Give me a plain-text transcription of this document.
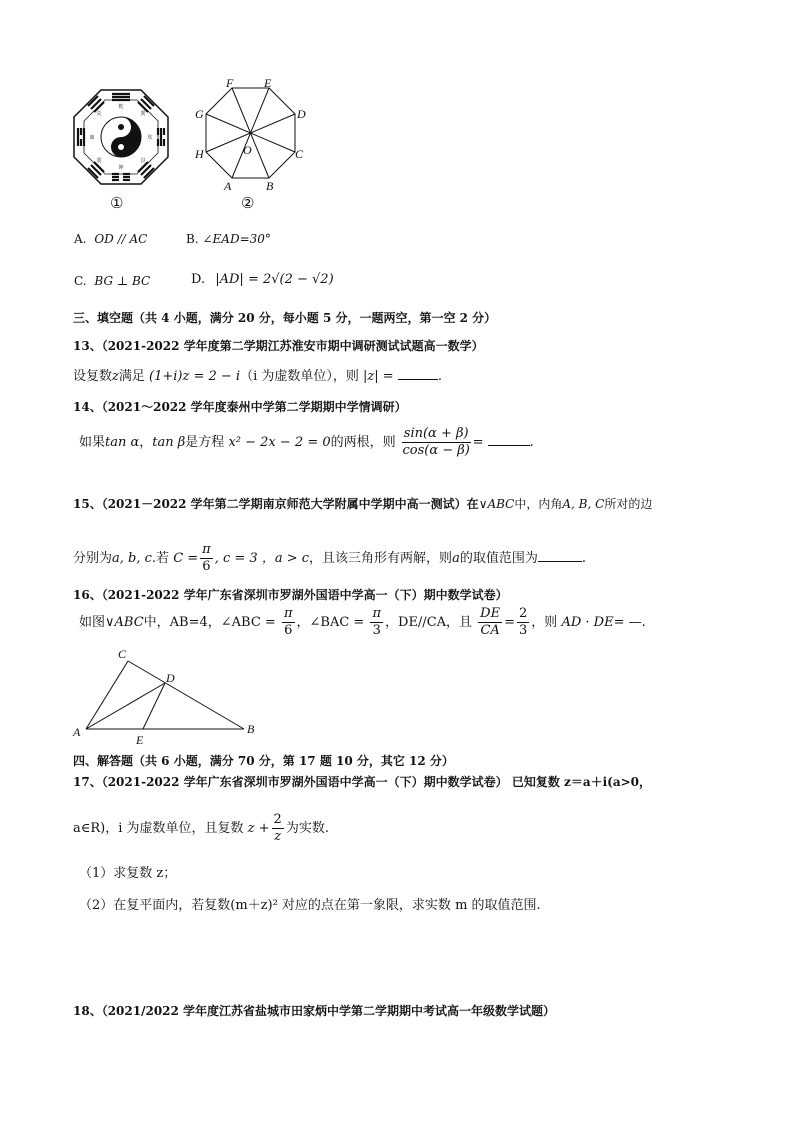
乾
兑
离
震
巽
坎
艮
坤
①
F	E
G	D
H	O	C
A	B
②
A. OD // AC	B. ∠EAD=30°
C. BG ⊥ BC	D. |AD| = 2√(2 − √2)
三、填空题（共 4 小题，满分 20 分，每小题 5 分，一题两空，第一空 2 分）
13、（2021-2022 学年度第二学期江苏淮安市期中调研测试试题高一数学）
设复数z满足 (1+i)z = 2 − i（i 为虚数单位），则 |z| =	.
14、（2021～2022 学年度泰州中学第二学期期中学情调研）
如果tan α，tan β是方程 x² − 2x − 2 = 0的两根，则 $\frac{\sin(\alpha + \beta)}{\cos(\alpha - \beta)}$ =	.
15、（2021－2022 学年第二学期南京师范大学附属中学期中高一测试）在∨ABC中，内角A, B, C所对的边
分别为a, b, c.若 $C = \frac{\pi}{6}$ , c = 3 ，a > c，且该三角形有两解，则a的取值范围为	.
16、（2021-2022 学年广东省深圳市罗湖外国语中学高一（下）期中数学试卷）
如图∨ABC中，AB=4，∠ABC = $\frac{\pi}{6}$ ，∠BAC = $\frac{\pi}{3}$ ，DE//CA，且 $\frac{DE}{CA} = \frac{2}{3}$ ，则 AD · DE= —.
C
D
A
E
B
四、解答题（共 6 小题，满分 70 分，第 17 题 10 分，其它 12 分）
17、（2021-2022 学年广东省深圳市罗湖外国语中学高一（下）期中数学试卷） 已知复数 z＝a＋i(a>0，
a∈R)，i 为虚数单位，且复数 $z + \frac{2}{z}$ 为实数.
（1）求复数 z；
（2）在复平面内，若复数(m＋z)² 对应的点在第一象限，求实数 m 的取值范围.
18、（2021/2022 学年度江苏省盐城市田家炳中学第二学期期中考试高一年级数学试题）
